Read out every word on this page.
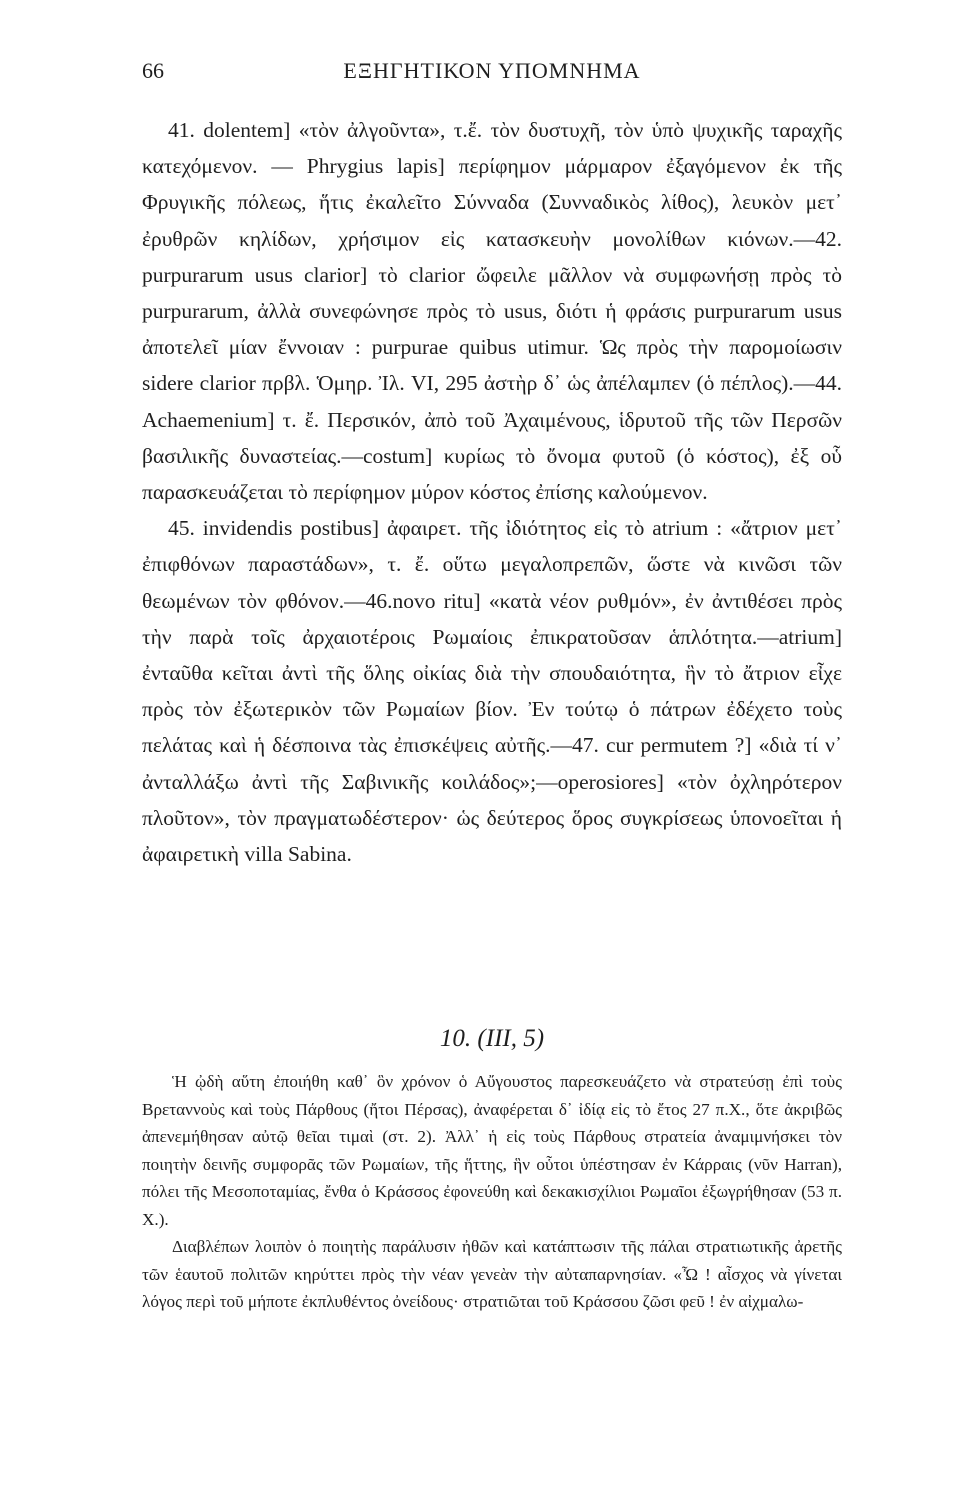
66	ΕΞΗΓΗΤΙΚΟΝ ΥΠΟΜΝΗΜΑ

41. dolentem] «τὸν ἀλγοῦντα», τ.ἔ. τὸν δυστυχῆ, τὸν ὑπὸ ψυχικῆς ταραχῆς κατεχόμενον. — Phrygius lapis] περίφημον μάρμαρον ἐξαγόμενον ἐκ τῆς Φρυγικῆς πόλεως, ἥτις ἐκαλεῖτο Σύνναδα (Συνναδικὸς λίθος), λευκὸν μετ᾽ ἐρυθρῶν κηλίδων, χρήσιμον εἰς κατασκευὴν μονολίθων κιόνων.—42. purpurarum usus clarior] τὸ clarior ὤφειλε μᾶλλον νὰ συμφωνήσῃ πρὸς τὸ purpurarum, ἀλλὰ συνεφώνησε πρὸς τὸ usus, διότι ἡ φράσις purpurarum usus ἀποτελεῖ μίαν ἔννοιαν : purpurae quibus utimur. Ὡς πρὸς τὴν παρομοίωσιν sidere clarior πρβλ. Ὁμηρ. Ἰλ. VI, 295 ἀστὴρ δ᾽ ὡς ἀπέλαμπεν (ὁ πέπλος).—44. Achaemenium] τ. ἔ. Περσικόν, ἀπὸ τοῦ Ἀχαιμένους, ἱδρυτοῦ τῆς τῶν Περσῶν βασιλικῆς δυναστείας.—costum] κυρίως τὸ ὄνομα φυτοῦ (ὁ κόστος), ἐξ οὗ παρασκευάζεται τὸ περίφημον μύρον κόστος ἐπίσης καλούμενον.

45. invidendis postibus] ἀφαιρετ. τῆς ἰδιότητος εἰς τὸ atrium : «ἄτριον μετ᾽ ἐπιφθόνων παραστάδων», τ. ἔ. οὕτω μεγαλοπρεπῶν, ὥστε νὰ κινῶσι τῶν θεωμένων τὸν φθόνον.—46.novo ritu] «κατὰ νέον ρυθμόν», ἐν ἀντιθέσει πρὸς τὴν παρὰ τοῖς ἀρχαιοτέροις Ρωμαίοις ἐπικρατοῦσαν ἁπλότητα.—atrium] ἐνταῦθα κεῖται ἀντὶ τῆς ὅλης οἰκίας διὰ τὴν σπουδαιότητα, ἣν τὸ ἄτριον εἶχε πρὸς τὸν ἐξωτερικὸν τῶν Ρωμαίων βίον. Ἐν τούτῳ ὁ πάτρων ἐδέχετο τοὺς πελάτας καὶ ἡ δέσποινα τὰς ἐπισκέψεις αὐτῆς.—47. cur permutem ?] «διὰ τί ν᾽ ἀνταλλάξω ἀντὶ τῆς Σαβινικῆς κοιλάδος»;—operosiores] «τὸν ὀχληρότερον πλοῦτον», τὸν πραγματωδέστερον· ὡς δεύτερος ὅρος συγκρίσεως ὑπονοεῖται ἡ ἀφαιρετικὴ villa Sabina.

10. (III, 5)

Ἡ ᾠδὴ αὕτη ἐποιήθη καθ᾽ ὃν χρόνον ὁ Αὔγουστος παρεσκευάζετο νὰ στρατεύσῃ ἐπὶ τοὺς Βρεταννοὺς καὶ τοὺς Πάρθους (ἤτοι Πέρσας), ἀναφέρεται δ᾽ ἰδίᾳ εἰς τὸ ἔτος 27 π.Χ., ὅτε ἀκριβῶς ἀπενεμήθησαν αὐτῷ θεῖαι τιμαὶ (στ. 2). Ἀλλ᾽ ἡ εἰς τοὺς Πάρθους στρατεία ἀναμιμνήσκει τὸν ποιητὴν δεινῆς συμφορᾶς τῶν Ρωμαίων, τῆς ἥττης, ἣν οὗτοι ὑπέστησαν ἐν Κάρραις (νῦν Harran), πόλει τῆς Μεσοποταμίας, ἔνθα ὁ Κράσσος ἐφονεύθη καὶ δεκακισχίλιοι Ρωμαῖοι ἐξωγρήθησαν (53 π. Χ.).

Διαβλέπων λοιπὸν ὁ ποιητὴς παράλυσιν ἠθῶν καὶ κατάπτωσιν τῆς πάλαι στρατιωτικῆς ἀρετῆς τῶν ἑαυτοῦ πολιτῶν κηρύττει πρὸς τὴν νέαν γενεὰν τὴν αὐταπαρνησίαν. «Ὦ ! αἶσχος νὰ γίνεται λόγος περὶ τοῦ μήποτε ἐκπλυθέντος ὀνείδους· στρατιῶται τοῦ Κράσσου ζῶσι φεῦ ! ἐν αἰχμαλω-
